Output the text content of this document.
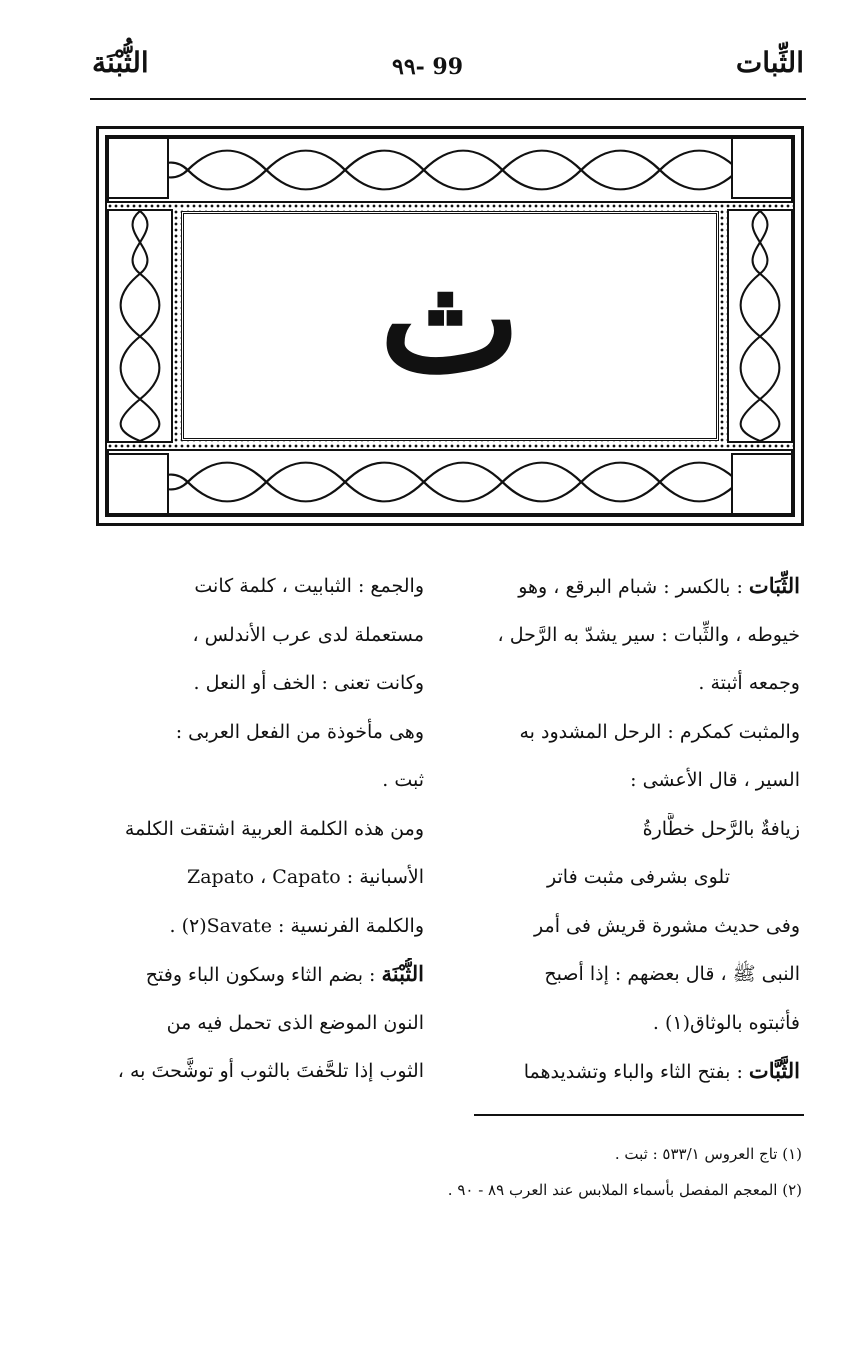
الثِّبات
٩٩- 99
الثُّبْنَة
ث

الثِّبَات : بالكسر : شبام البرقع ، وهو

خيوطه ، والثِّبات : سير يشدّ به الرَّحل ،

وجمعه أثبتة .

والمثبت كمكرم : الرحل المشدود به

السير ، قال الأعشى :

زيافةٌ بالرَّحل خطَّارةُ

تلوى بشرفى مثبت فاتر

وفى حديث مشورة قريش فى أمر

النبى ﷺ ، قال بعضهم : إذا أصبح

فأثبتوه بالوثاق(١) .

الثَّبَّات : بفتح الثاء والباء وتشديدهما

والجمع : الثبابيت ، كلمة كانت

مستعملة لدى عرب الأندلس ،

وكانت تعنى : الخف أو النعل .

وهى مأخوذة من الفعل العربى :

ثبت .

ومن هذه الكلمة العربية اشتقت الكلمة

الأسبانية : Zapato ، Capato

والكلمة الفرنسية : Savate(٢) .

الثُّبْنَة : بضم الثاء وسكون الباء وفتح

النون الموضع الذى تحمل فيه من

الثوب إذا تلحَّفتَ بالثوب أو توشَّحتَ به ،

(١) تاج العروس ٥٣٣/١ : ثبت .
(٢) المعجم المفصل بأسماء الملابس عند العرب ٨٩ - ٩٠ .
